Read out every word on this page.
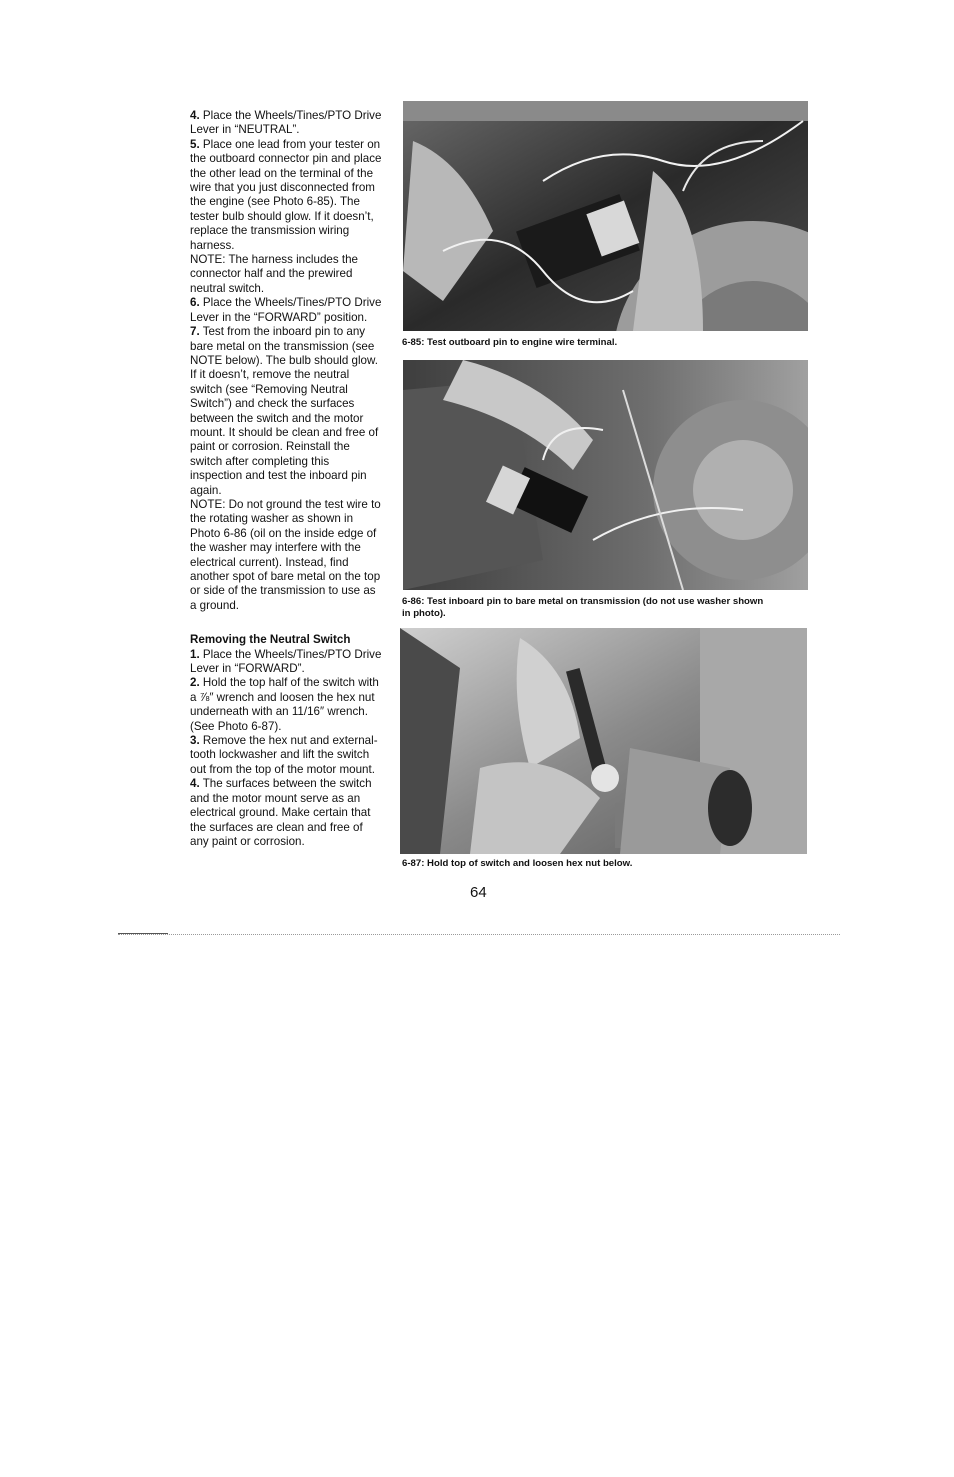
4. Place the Wheels/Tines/PTO Drive Lever in “NEUTRAL”.

5. Place one lead from your tester on the outboard connector pin and place the other lead on the terminal of the wire that you just disconnected from the engine (see Photo 6-85). The tester bulb should glow. If it doesn’t, replace the transmission wiring harness.

NOTE: The harness includes the connector half and the prewired neutral switch.

6. Place the Wheels/Tines/PTO Drive Lever in the “FORWARD” position.

7. Test from the inboard pin to any bare metal on the transmission (see NOTE below). The bulb should glow. If it doesn’t, remove the neutral switch (see “Removing Neutral Switch”) and check the surfaces between the switch and the motor mount. It should be clean and free of paint or corrosion. Reinstall the switch after completing this inspection and test the inboard pin again.

NOTE: Do not ground the test wire to the rotating washer as shown in Photo 6-86 (oil on the inside edge of the washer may interfere with the electrical current). Instead, find another spot of bare metal on the top or side of the transmission to use as a ground.

Removing the Neutral Switch

1. Place the Wheels/Tines/PTO Drive Lever in “FORWARD”.

2. Hold the top half of the switch with a ⅞″ wrench and loosen the hex nut underneath with an 11/16″ wrench. (See Photo 6-87).

3. Remove the hex nut and external-tooth lockwasher and lift the switch out from the top of the motor mount.

4. The surfaces between the switch and the motor mount serve as an electrical ground. Make certain that the surfaces are clean and free of any paint or corrosion.

6-85: Test outboard pin to engine wire terminal.
6-86: Test inboard pin to bare metal on transmission (do not use washer shown in photo).
6-87: Hold top of switch and loosen hex nut below.
64
